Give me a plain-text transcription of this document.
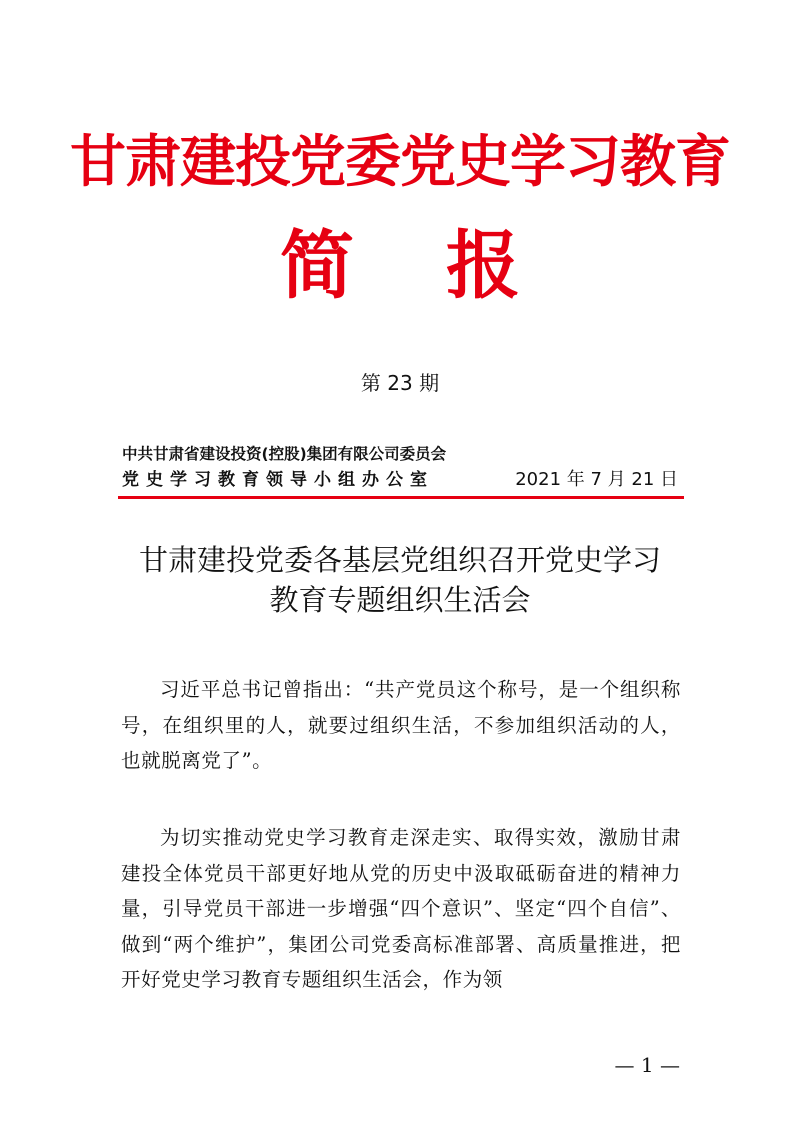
甘肃建投党委党史学习教育
简 报
第 23 期
中共甘肃省建设投资(控股)集团有限公司委员会
党史学习教育领导小组办公室	2021 年 7 月 21 日
甘肃建投党委各基层党组织召开党史学习
教育专题组织生活会
习近平总书记曾指出：“共产党员这个称号，是一个组织称号，在组织里的人，就要过组织生活，不参加组织活动的人，也就脱离党了”。
为切实推动党史学习教育走深走实、取得实效，激励甘肃建投全体党员干部更好地从党的历史中汲取砥砺奋进的精神力量，引导党员干部进一步增强“四个意识”、坚定“四个自信”、做到“两个维护”，集团公司党委高标准部署、高质量推进，把开好党史学习教育专题组织生活会，作为领
— 1 —
